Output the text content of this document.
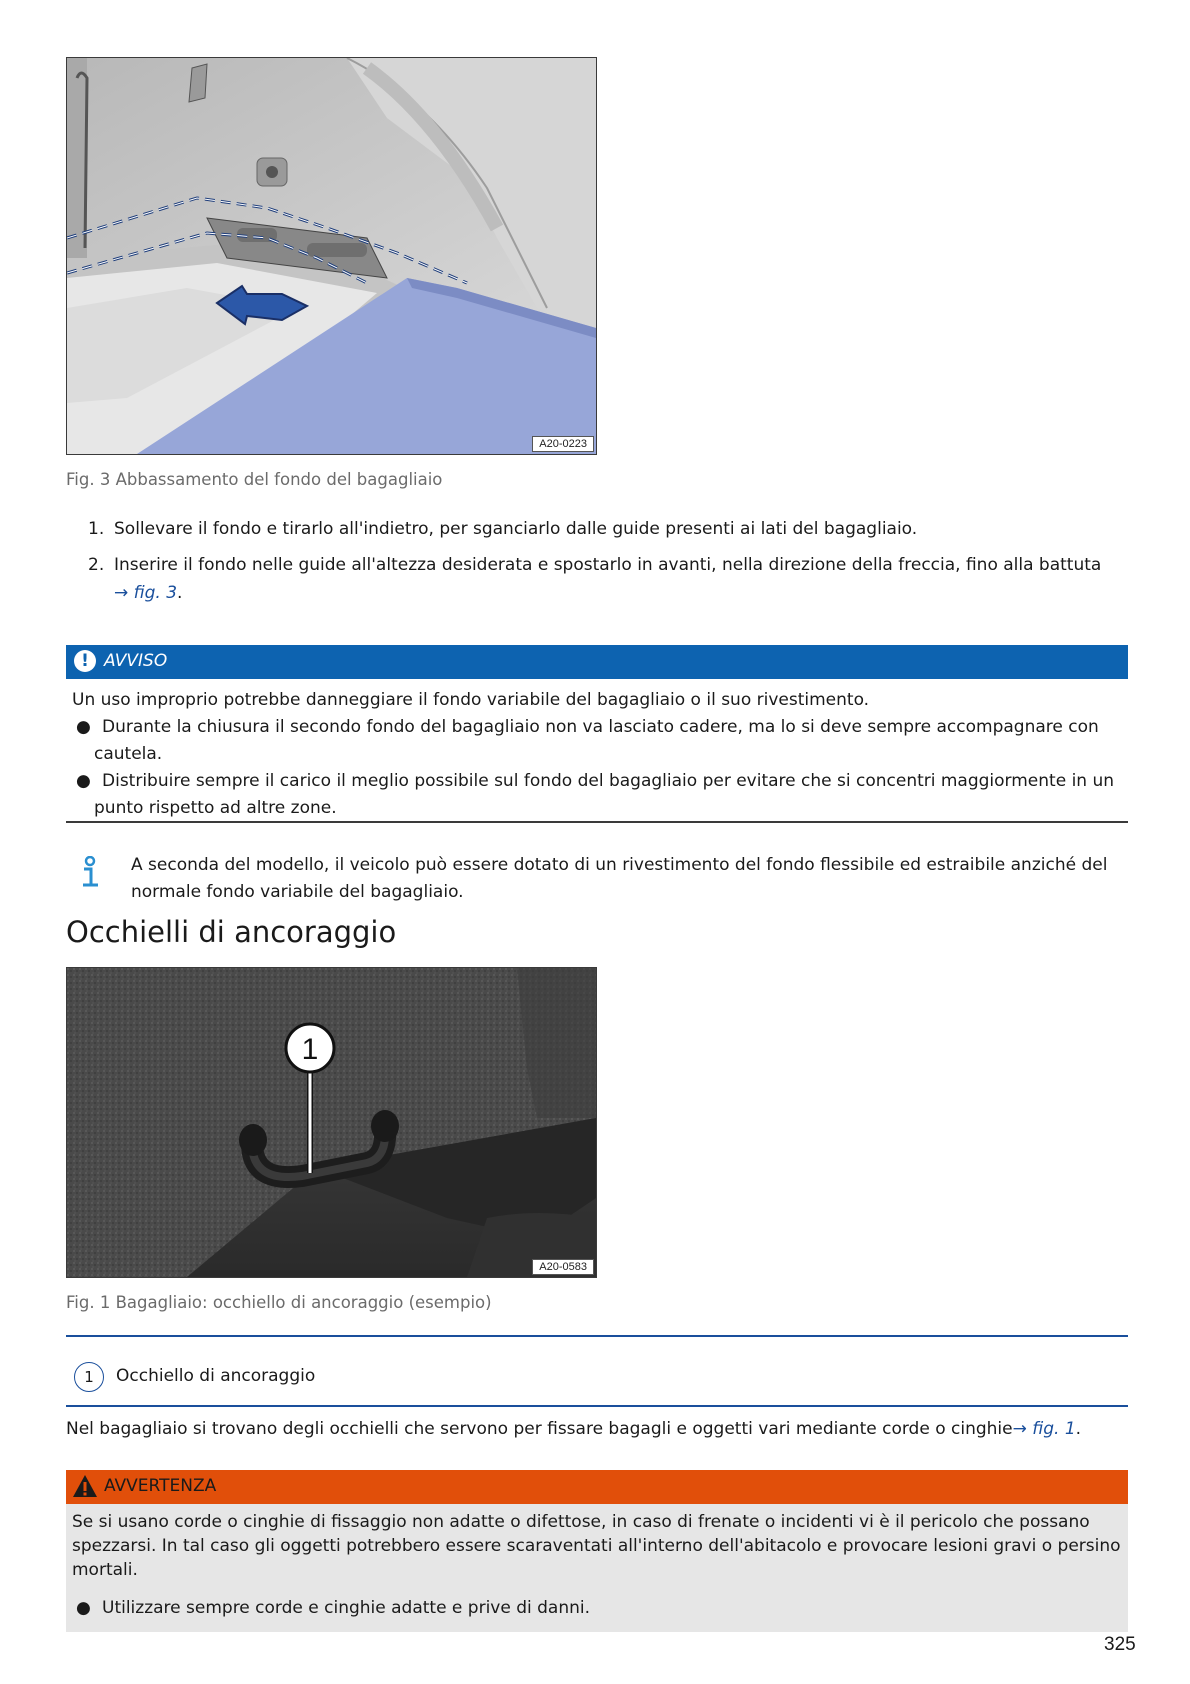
A20-0223
Fig. 3 Abbassamento del fondo del bagagliaio
1. Sollevare il fondo e tirarlo all'indietro, per sganciarlo dalle guide presenti ai lati del bagagliaio.
2. Inserire il fondo nelle guide all'altezza desiderata e spostarlo in avanti, nella direzione della freccia, fino alla battuta
→ fig. 3.
! AVVISO
Un uso improprio potrebbe danneggiare il fondo variabile del bagagliaio o il suo rivestimento.
● Durante la chiusura il secondo fondo del bagagliaio non va lasciato cadere, ma lo si deve sempre accompagnare con
cautela.
● Distribuire sempre il carico il meglio possibile sul fondo del bagagliaio per evitare che si concentri maggiormente in un
punto rispetto ad altre zone.
A seconda del modello, il veicolo può essere dotato di un rivestimento del fondo flessibile ed estraibile anziché del
normale fondo variabile del bagagliaio.
Occhielli di ancoraggio
1
A20-0583
Fig. 1 Bagagliaio: occhiello di ancoraggio (esempio)
1	Occhiello di ancoraggio
Nel bagagliaio si trovano degli occhielli che servono per fissare bagagli e oggetti vari mediante corde o cinghie→ fig. 1.
AVVERTENZA
Se si usano corde o cinghie di fissaggio non adatte o difettose, in caso di frenate o incidenti vi è il pericolo che possano
spezzarsi. In tal caso gli oggetti potrebbero essere scaraventati all'interno dell'abitacolo e provocare lesioni gravi o persino
mortali.
● Utilizzare sempre corde e cinghie adatte e prive di danni.
325
